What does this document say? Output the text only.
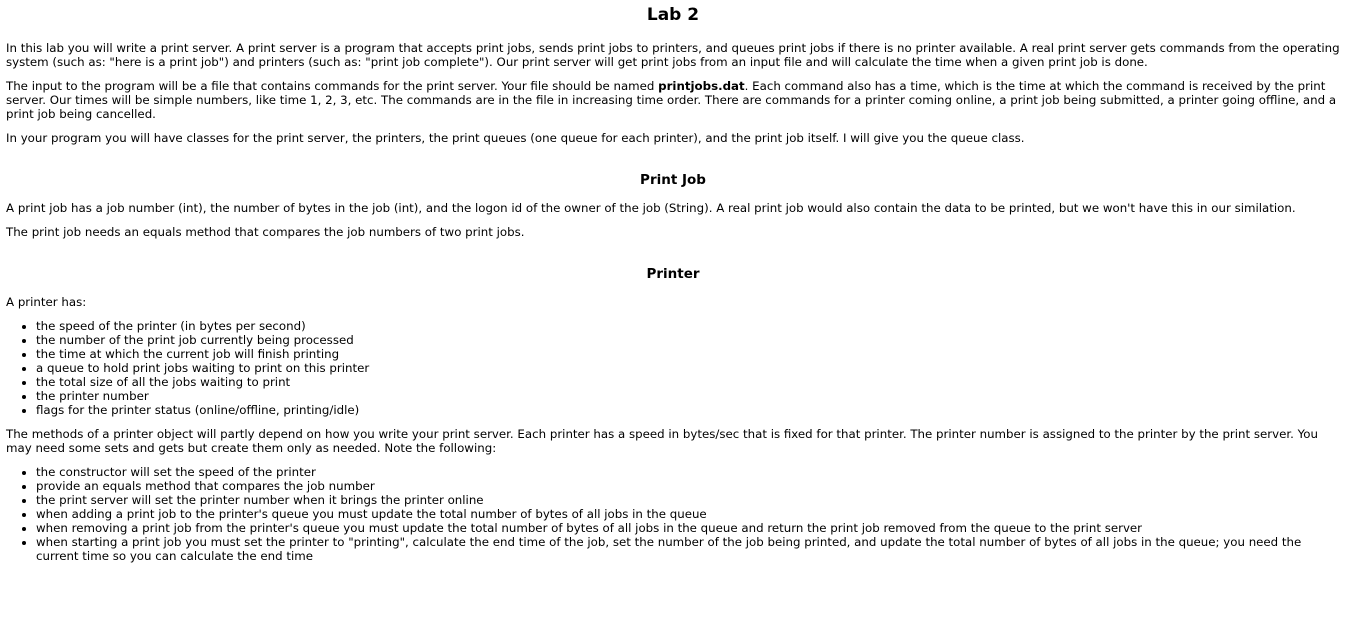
Lab 2

In this lab you will write a print server. A print server is a program that accepts print jobs, sends print jobs to printers, and queues print jobs if there is no printer available. A real print server gets commands from the operating system (such as: "here is a print job") and printers (such as: "print job complete"). Our print server will get print jobs from an input file and will calculate the time when a given print job is done.

The input to the program will be a file that contains commands for the print server. Your file should be named printjobs.dat. Each command also has a time, which is the time at which the command is received by the print server. Our times will be simple numbers, like time 1, 2, 3, etc. The commands are in the file in increasing time order. There are commands for a printer coming online, a print job being submitted, a printer going offline, and a print job being cancelled.

In your program you will have classes for the print server, the printers, the print queues (one queue for each printer), and the print job itself. I will give you the queue class.

Print Job

A print job has a job number (int), the number of bytes in the job (int), and the logon id of the owner of the job (String). A real print job would also contain the data to be printed, but we won't have this in our similation.

The print job needs an equals method that compares the job numbers of two print jobs.

Printer

A printer has:

• the speed of the printer (in bytes per second)
• the number of the print job currently being processed
• the time at which the current job will finish printing
• a queue to hold print jobs waiting to print on this printer
• the total size of all the jobs waiting to print
• the printer number
• flags for the printer status (online/offline, printing/idle)

The methods of a printer object will partly depend on how you write your print server. Each printer has a speed in bytes/sec that is fixed for that printer. The printer number is assigned to the printer by the print server. You may need some sets and gets but create them only as needed. Note the following:

• the constructor will set the speed of the printer
• provide an equals method that compares the job number
• the print server will set the printer number when it brings the printer online
• when adding a print job to the printer's queue you must update the total number of bytes of all jobs in the queue
• when removing a print job from the printer's queue you must update the total number of bytes of all jobs in the queue and return the print job removed from the queue to the print server
• when starting a print job you must set the printer to "printing", calculate the end time of the job, set the number of the job being printed, and update the total number of bytes of all jobs in the queue; you need the current time so you can calculate the end time
